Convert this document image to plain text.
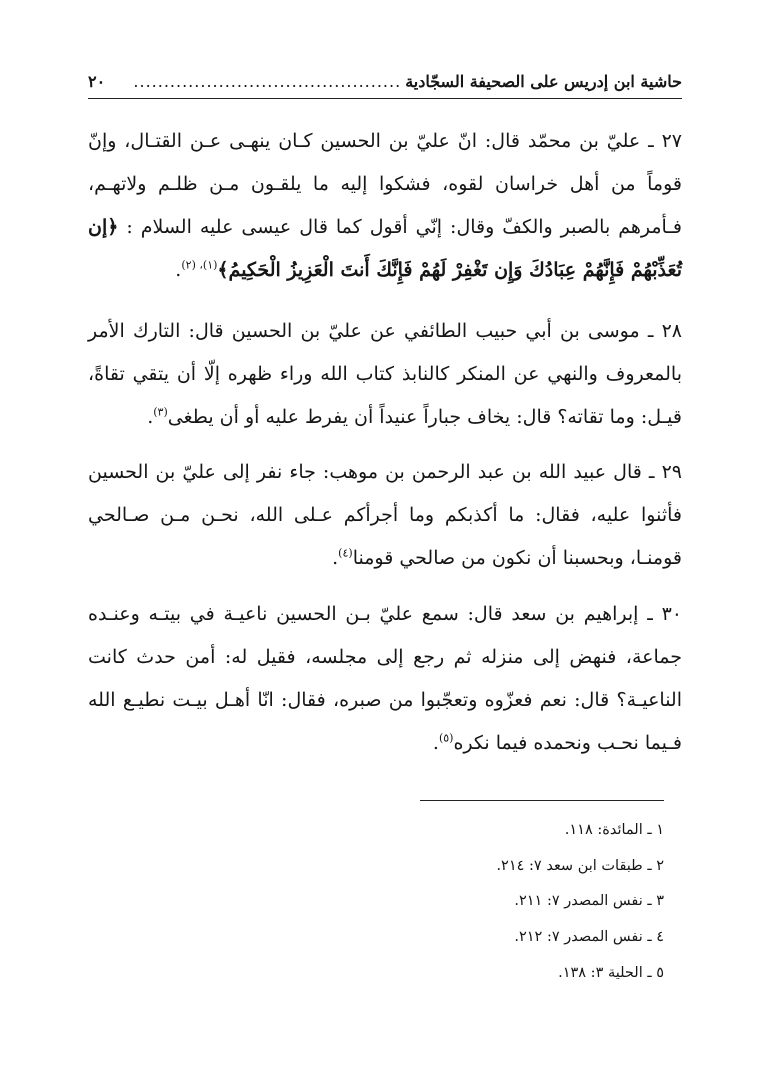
حاشية ابن إدريس على الصحيفة السجّادية
............................................
٢٠

٢٧ ـ عليّ بن محمّد قال: انّ عليّ بن الحسين كـان ينهـى عـن القتـال، وإنّ قوماً من أهل خراسان لقوه، فشكوا إليه ما يلقـون مـن ظلـم ولاتهـم، فـأمرهم بالصبر والكفّ وقال: إنّي أقول كما قال عيسى عليه السلام : ﴿إن تُعَذِّبْهُمْ فَإِنَّهُمْ عِبَادُكَ وَإِن تَغْفِرْ لَهُمْ فَإِنَّكَ أَنتَ الْعَزِيزُ الْحَكِيمُ﴾$^{(١)، (٢)}$.

٢٨ ـ موسى بن أبي حبيب الطائفي عن عليّ بن الحسين قال: التارك الأمر بالمعروف والنهي عن المنكر كالنابذ كتاب الله وراء ظهره إلّا أن يتقي تقاةً، قيـل: وما تقاته؟ قال: يخاف جباراً عنيداً أن يفرط عليه أو أن يطغى$^{(٣)}$.

٢٩ ـ قال عبيد الله بن عبد الرحمن بن موهب: جاء نفر إلى عليّ بن الحسين فأثنوا عليه، فقال: ما أكذبكم وما أجرأكم عـلى الله، نحـن مـن صـالحي قومنـا، وبحسبنا أن نكون من صالحي قومنا$^{(٤)}$.

٣٠ ـ إبراهيم بن سعد قال: سمع عليّ بـن الحسين ناعيـة في بيتـه وعنـده جماعة، فنهض إلى منزله ثم رجع إلى مجلسه، فقيل له: أمن حدث كانت الناعيـة؟ قال: نعم فعزّوه وتعجّبوا من صبره، فقال: انّا أهـل بيـت نطيـع الله فـيما نحـب ونحمده فيما نكره$^{(٥)}$.

١ ـ المائدة: ١١٨.

٢ ـ طبقات ابن سعد ٧: ٢١٤.

٣ ـ نفس المصدر ٧: ٢١١.

٤ ـ نفس المصدر ٧: ٢١٢.

٥ ـ الحلية ٣: ١٣٨.
